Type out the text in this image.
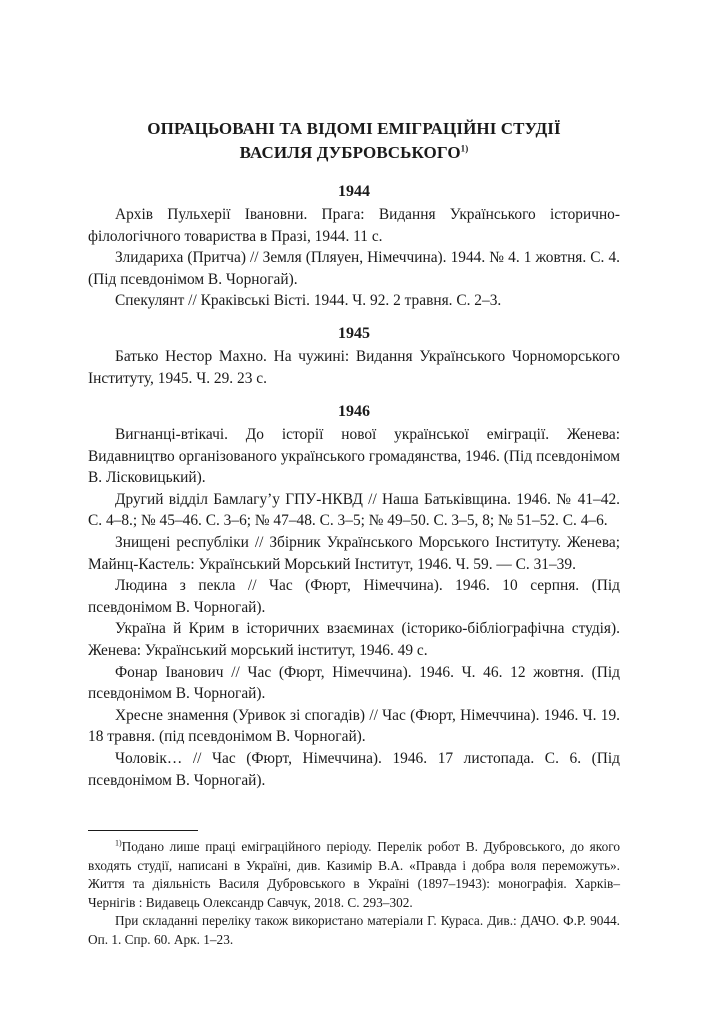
ОПРАЦЬОВАНІ ТА ВІДОМІ ЕМІГРАЦІЙНІ СТУДІЇ
ВАСИЛЯ ДУБРОВСЬКОГО$^{1)}$
1944

Архів Пульхерії Івановни. Прага: Видання Українського історично-філологічного товариства в Празі, 1944. 11 с.

Злидариха (Притча) // Земля (Пляуен, Німеччина). 1944. № 4. 1 жовтня. С. 4. (Під псевдонімом В. Чорногай).

Спекулянт // Краківські Вісті. 1944. Ч. 92. 2 травня. С. 2–3.

1945

Батько Нестор Махно. На чужині: Видання Українського Чорноморського Інституту, 1945. Ч. 29. 23 с.

1946

Вигнанці-втікачі. До історії нової української еміграції. Женева: Видавництво організованого українського громадянства, 1946. (Під псевдонімом В. Лісковицький).

Другий відділ Бамлагу’у ГПУ-НКВД // Наша Батьківщина. 1946. № 41–42. С. 4–8.; № 45–46. С. 3–6; № 47–48. С. 3–5; № 49–50. С. 3–5, 8; № 51–52. С. 4–6.

Знищені республіки // Збірник Українського Морського Інституту. Женева; Майнц-Кастель: Український Морський Інститут, 1946. Ч. 59. — С. 31–39.

Людина з пекла // Час (Фюрт, Німеччина). 1946. 10 серпня. (Під псевдонімом В. Чорногай).

Україна й Крим в історичних взаєминах (історико-бібліографічна студія). Женева: Український морський інститут, 1946. 49 с.

Фонар Іванович // Час (Фюрт, Німеччина). 1946. Ч. 46. 12 жовтня. (Під псевдонімом В. Чорногай).

Хресне знамення (Уривок зі спогадів) // Час (Фюрт, Німеччина). 1946. Ч. 19. 18 травня. (під псевдонімом В. Чорногай).

Чоловік… // Час (Фюрт, Німеччина). 1946. 17 листопада. С. 6. (Під псевдонімом В. Чорногай).

$^{1)}$Подано лише праці еміграційного періоду. Перелік робот В. Дубровського, до якого входять студії, написані в Україні, див. Казимір В.А. «Правда і добра воля переможуть». Життя та діяльність Василя Дубровського в Україні (1897–1943): монографія. Харків–Чернігів : Видавець Олександр Савчук, 2018. С. 293–302.

При складанні переліку також використано матеріали Г. Кураса. Див.: ДАЧО. Ф.Р. 9044. Оп. 1. Спр. 60. Арк. 1–23.
